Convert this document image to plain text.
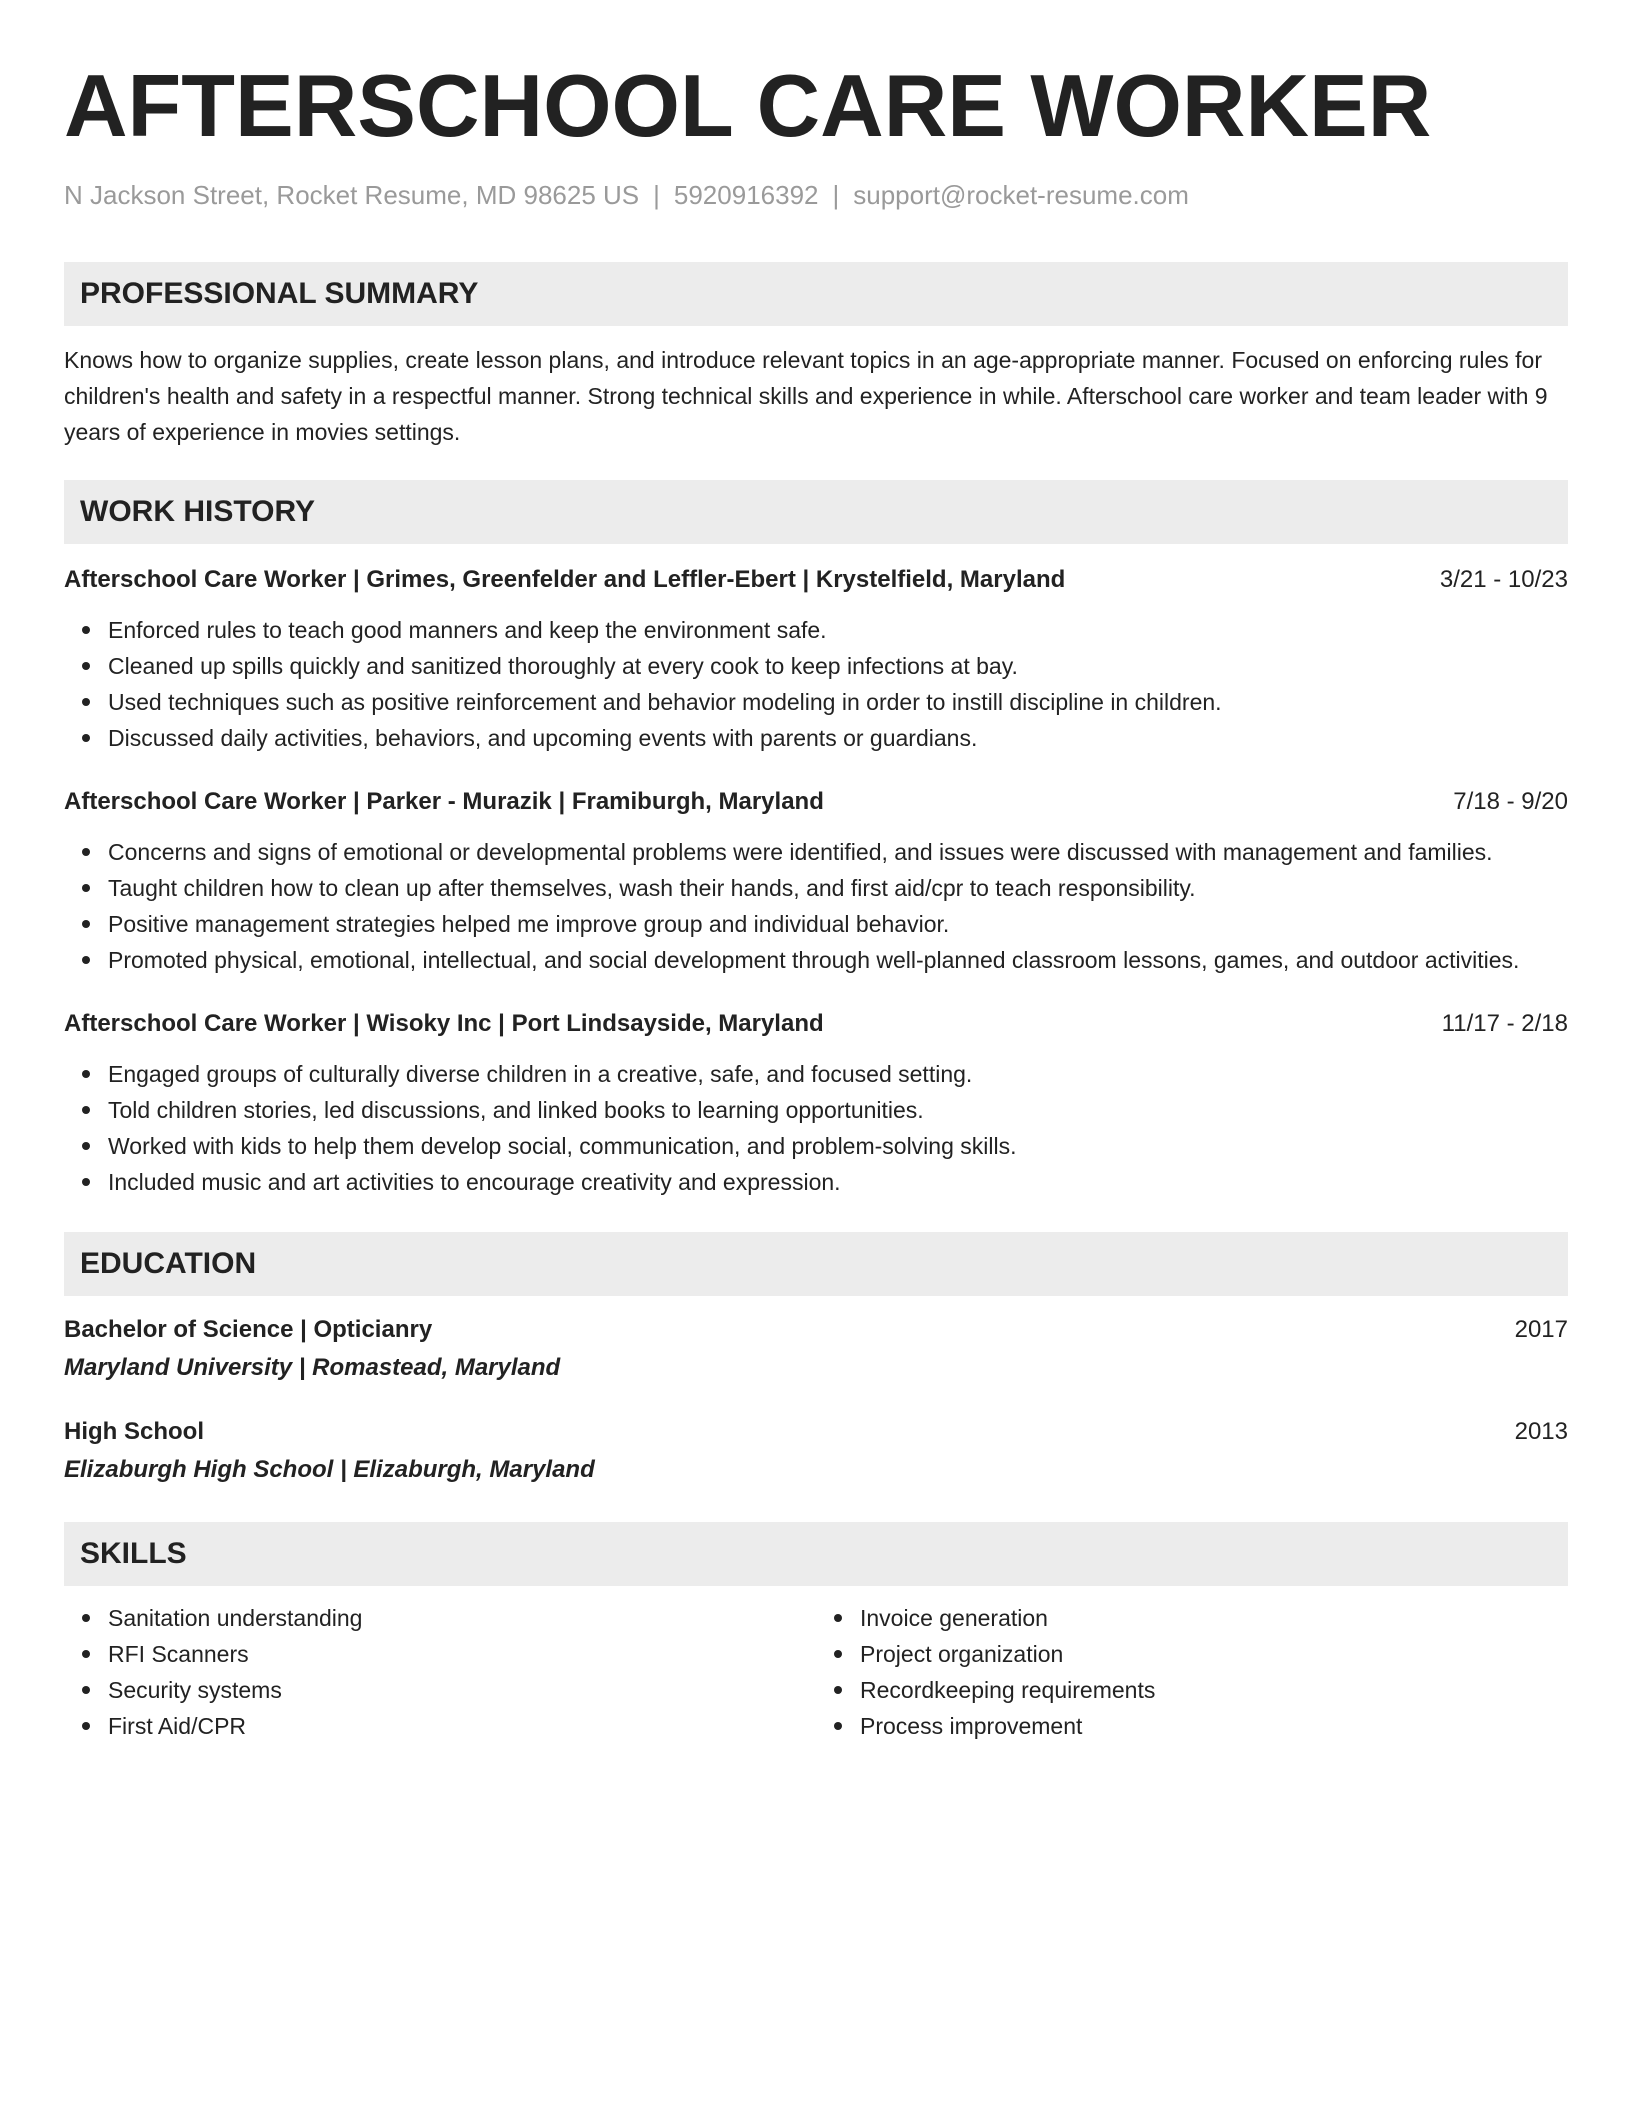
AFTERSCHOOL CARE WORKER
N Jackson Street, Rocket Resume, MD 98625 US | 5920916392 | support@rocket-resume.com
PROFESSIONAL SUMMARY
Knows how to organize supplies, create lesson plans, and introduce relevant topics in an age-appropriate manner. Focused on enforcing rules for children's health and safety in a respectful manner. Strong technical skills and experience in while. Afterschool care worker and team leader with 9 years of experience in movies settings.
WORK HISTORY
Afterschool Care Worker | Grimes, Greenfelder and Leffler-Ebert | Krystelfield, Maryland	3/21 - 10/23
Enforced rules to teach good manners and keep the environment safe.
Cleaned up spills quickly and sanitized thoroughly at every cook to keep infections at bay.
Used techniques such as positive reinforcement and behavior modeling in order to instill discipline in children.
Discussed daily activities, behaviors, and upcoming events with parents or guardians.
Afterschool Care Worker | Parker - Murazik | Framiburgh, Maryland	7/18 - 9/20
Concerns and signs of emotional or developmental problems were identified, and issues were discussed with management and families.
Taught children how to clean up after themselves, wash their hands, and first aid/cpr to teach responsibility.
Positive management strategies helped me improve group and individual behavior.
Promoted physical, emotional, intellectual, and social development through well-planned classroom lessons, games, and outdoor activities.
Afterschool Care Worker | Wisoky Inc | Port Lindsayside, Maryland	11/17 - 2/18
Engaged groups of culturally diverse children in a creative, safe, and focused setting.
Told children stories, led discussions, and linked books to learning opportunities.
Worked with kids to help them develop social, communication, and problem-solving skills.
Included music and art activities to encourage creativity and expression.
EDUCATION
Bachelor of Science | Opticianry	2017
Maryland University | Romastead, Maryland
High School	2013
Elizaburgh High School | Elizaburgh, Maryland
SKILLS
Sanitation understanding
RFI Scanners
Security systems
First Aid/CPR
Invoice generation
Project organization
Recordkeeping requirements
Process improvement
